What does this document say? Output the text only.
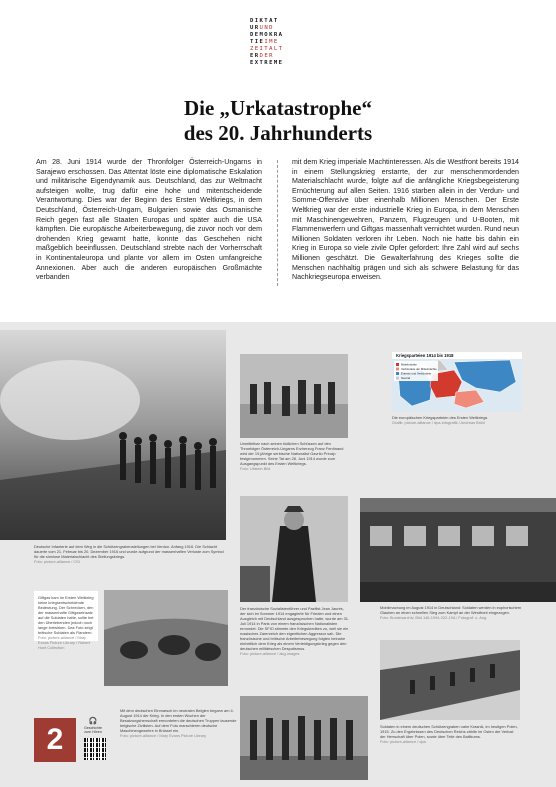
DIKTAT
URUND
DEMOKRA
TIEIME
ZEITALT
ERDER
EXTREME
Die „Urkatastrophe“
des 20. Jahrhunderts
Am 28. Juni 1914 wurde der Thronfolger Österreich-Ungarns in Sarajewo erschossen. Das Attentat löste eine diplomatische Eskalation und militärische Eigendynamik aus. Deutschland, das zur Weltmacht aufsteigen wollte, trug dafür eine hohe und mitentscheidende Verantwortung. Dies war der Beginn des Ersten Weltkriegs, in dem Deutschland, Österreich-Ungarn, Bulgarien sowie das Osmanische Reich gegen fast alle Staaten Europas und später auch die USA kämpften. Die europäische Arbeiterbewegung, die zuvor noch vor dem drohenden Krieg gewarnt hatte, konnte das Geschehen nicht maßgeblich beeinflussen. Deutschland strebte nach der Vorherrschaft in Kontinentaleuropa und plante vor allem im Osten umfangreiche Annexionen. Aber auch die anderen europäischen Großmächte verbanden
mit dem Krieg imperiale Machtinteressen. Als die Westfront bereits 1914 in einem Stellungskrieg erstarrte, der zur menschenmordenden Materialschlacht wurde, folgte auf die anfängliche Kriegsbegeisterung Ernüchterung auf allen Seiten. 1916 starben allein in der Verdun- und Somme-Offensive über einenhalb Millionen Menschen. Der Erste Weltkrieg war der erste industrielle Krieg in Europa, in dem Menschen mit Maschinengewehren, Panzern, Flugzeugen und U-Booten, mit Flammenwerfern und Giftgas massenhaft vernichtet wurden. Rund neun Millionen Soldaten verloren ihr Leben. Noch nie hatte bis dahin ein Krieg in Europa so viele zivile Opfer gefordert: Ihre Zahl wird auf sechs Millionen geschätzt. Die Gewalterfahrung des Krieges sollte die Menschen nachhaltig prägen und sich als schwere Belastung für das Nachkriegseuropa erweisen.
Deutsche Infanterie auf dem Weg in die Schützengrabenstellungen bei Verdun. Anfang 1916. Die Schlacht dauerte vom 21. Februar bis 20. Dezember 1916 und wurde aufgrund der massenhaften Verluste zum Symbol für die sinnlose Materialschlacht des Stellungskriegs.
Foto: picture-alliance / CSI
Unmittelbar nach seinen tödlichen Schüssen auf den Thronfolger Österreich-Ungarns Erzherzog Franz Ferdinand wird der 19-jährige serbische Nationalist Gavrilo Princip festgenommen. Seine Tat am 28. Juni 1914 wurde zum Ausgangspunkt des Ersten Weltkriegs.
Foto: Ullstein Bild
Kriegsparteien 1914 bis 1918
Mittelmächte
Verbündete der Mittelmächte
Entente und Verbündete
Neutral
Die europäischen Kriegsparteien des Ersten Weltkriegs
Grafik: picture-alliance / dpa-infografik / Andreas Brühl
Giftgas kam im Ersten Weltkrieg keine kriegsentscheidende Bedeutung. Der Schrecken, den der massenhafte Giftgaseinsatz auf die Soldaten hatte, sollte bei den Überlebenden jedoch noch lange fortwirken. Das Foto zeigt britische Soldaten als Flandern.
Foto: picture-alliance / Mary Evans Picture Library / Robert Hunt Collection
Der französische Sozialistenführer und Pazifist Jean Jaurès, der sich im Sommer 1914 engagierte für Frieden und einen Ausgleich mit Deutschland ausgesprochen hatte, wurde am 31. Juli 1914 in Paris von einem französischen Nationalisten ermordet. Die SFIO stimmte den Kriegskrediten zu, weil sie ein russisches Zarenreich den eigentlichen Aggressor sah. Die französische und britische Arbeiterbewegung folgten beinahe einheitlich dem Krieg als einem Verteidigungskrieg gegen den deutschen militärischen Despotismus.
Foto: picture-alliance / akg-images
Mobilmachung im August 1914 in Deutschland: Soldaten werden in euphorischem Glauben an einen schnellen Sieg zum Kampf an der Westfront eingezogen.
Foto: Bundesarchiv, Bild 146-1994-022-19A / Fotograf: o. Ang.
Soldaten in einem deutschen Schützengraben nahe Krasnik, im heutigen Polen, 1915. Zu den Ergebnissen des Deutschen Reichs zählte im Osten der Verlust der Herrschaft über Polen, sowie über Teile des Baltikums.
Foto: picture-alliance / dpa
Mit dem deutschen Einmarsch im neutralen Belgien begann am 4. August 1914 der Krieg. In den ersten Wochen der Besatzungsherrschaft ermordeten die deutschen Truppen tausende belgische Zivilisten. Auf dem Foto marschieren deutsche Maschinengewehre in Brüssel ein.
Foto: picture-alliance / Mary Evans Picture Library
2
🎧
Geschichte zum Hören
